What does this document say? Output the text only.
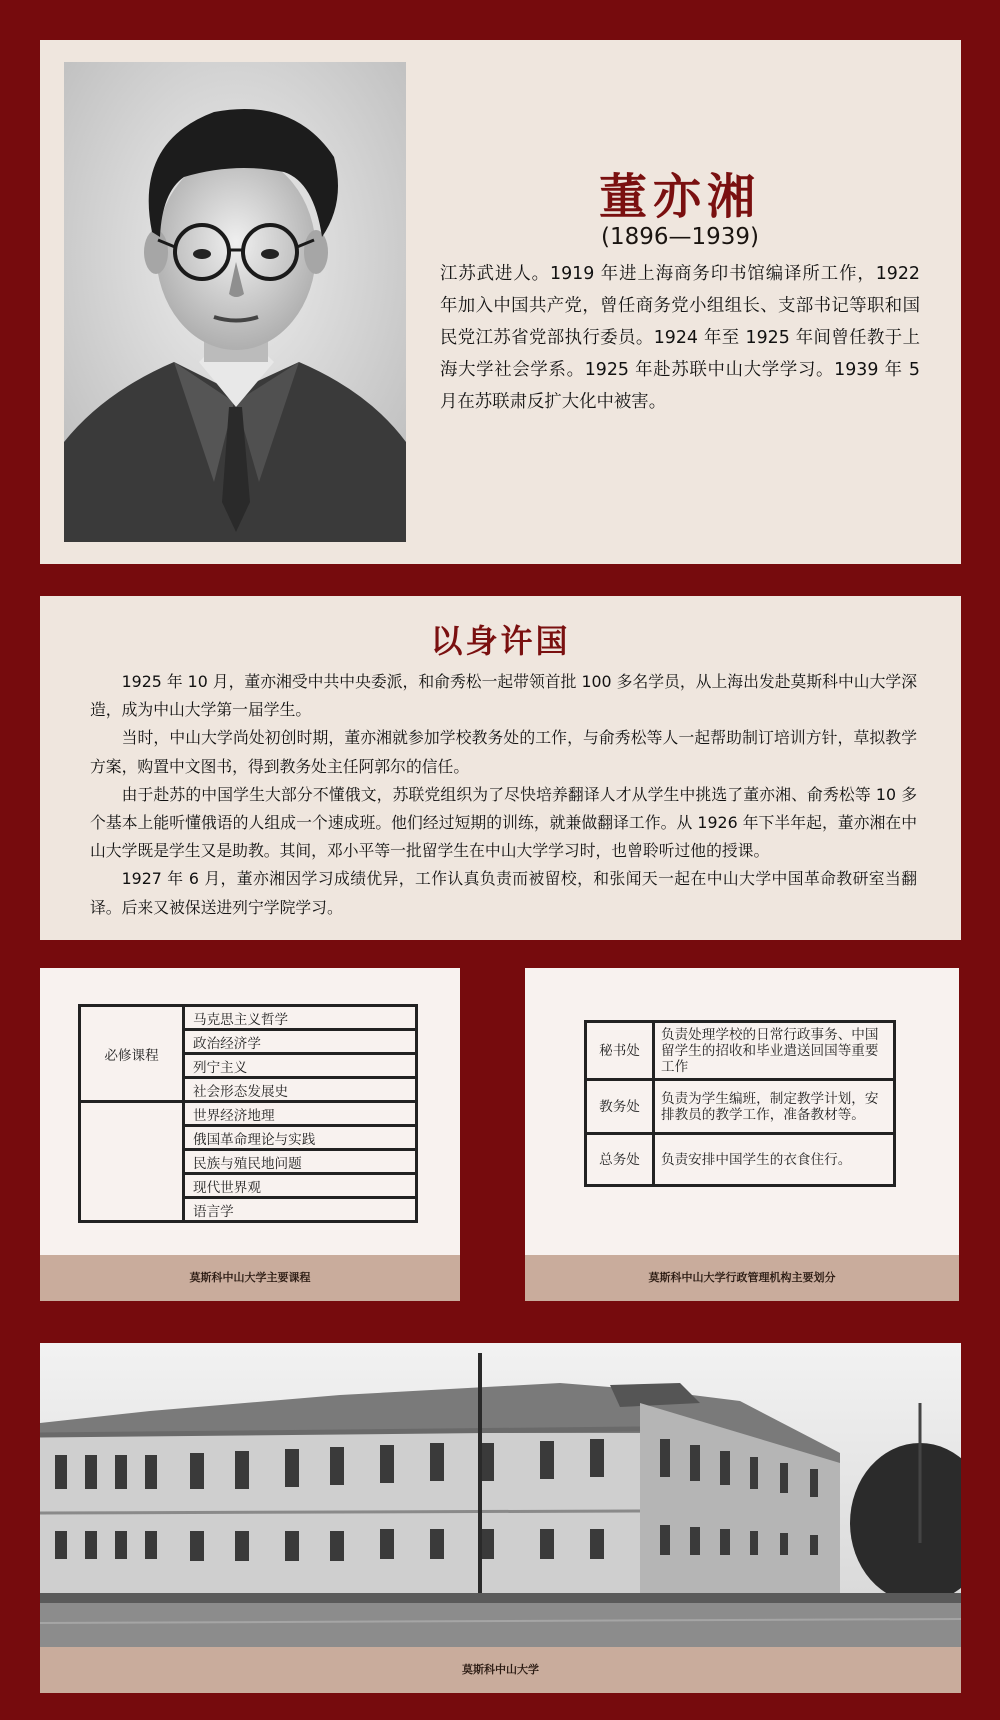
董亦湘
(1896—1939)

江苏武进人。1919 年进上海商务印书馆编译所工作，1922 年加入中国共产党，曾任商务党小组组长、支部书记等职和国民党江苏省党部执行委员。1924 年至 1925 年间曾任教于上海大学社会学系。1925 年赴苏联中山大学学习。1939 年 5 月在苏联肃反扩大化中被害。

以身许国

1925 年 10 月，董亦湘受中共中央委派，和俞秀松一起带领首批 100 多名学员，从上海出发赴莫斯科中山大学深造，成为中山大学第一届学生。

当时，中山大学尚处初创时期，董亦湘就参加学校教务处的工作，与俞秀松等人一起帮助制订培训方针，草拟教学方案，购置中文图书，得到教务处主任阿郭尔的信任。

由于赴苏的中国学生大部分不懂俄文，苏联党组织为了尽快培养翻译人才从学生中挑选了董亦湘、俞秀松等 10 多个基本上能听懂俄语的人组成一个速成班。他们经过短期的训练，就兼做翻译工作。从 1926 年下半年起，董亦湘在中山大学既是学生又是助教。其间，邓小平等一批留学生在中山大学学习时，也曾聆听过他的授课。

1927 年 6 月，董亦湘因学习成绩优异，工作认真负责而被留校，和张闻天一起在中山大学中国革命教研室当翻译。后来又被保送进列宁学院学习。

必修课程	马克思主义哲学
	政治经济学
	列宁主义
	社会形态发展史
	世界经济地理
	俄国革命理论与实践
	民族与殖民地问题
	现代世界观
	语言学
莫斯科中山大学主要课程
秘书处	负责处理学校的日常行政事务、中国留学生的招收和毕业遣送回国等重要工作
教务处	负责为学生编班，制定教学计划，安排教员的教学工作，准备教材等。
总务处	负责安排中国学生的衣食住行。
莫斯科中山大学行政管理机构主要划分
莫斯科中山大学
